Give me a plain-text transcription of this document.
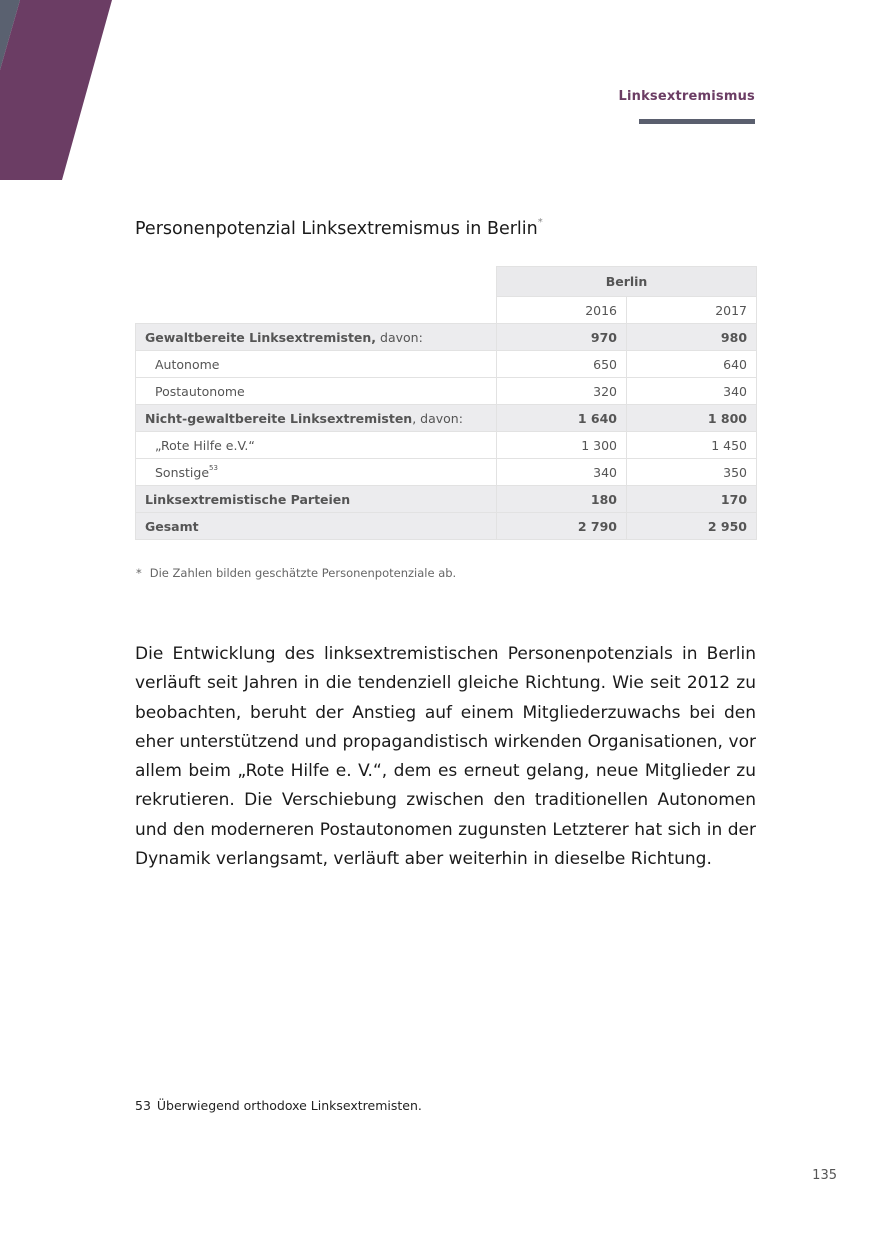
Linksextremismus
Personenpotenzial Linksextremismus in Berlin*
	Berlin	
	2016	2017
Gewaltbereite Linksextremisten, davon:	970	980
Autonome	650	640
Postautonome	320	340
Nicht-gewaltbereite Linksextremisten, davon:	1 640	1 800
„Rote Hilfe e.V.“	1 300	1 450
Sonstige$^{53}$	340	350
Linksextremistische Parteien	180	170
Gesamt	2 790	2 950
* Die Zahlen bilden geschätzte Personenpotenziale ab.

Die Entwicklung des linksextremistischen Personenpotenzials in Berlin verläuft seit Jahren in die tendenziell gleiche Richtung. Wie seit 2012 zu beobachten, beruht der Anstieg auf einem Mitgliederzuwachs bei den eher unterstützend und propagandistisch wirkenden Organisationen, vor allem beim „Rote Hilfe e. V.“, dem es erneut gelang, neue Mitglieder zu rekrutieren. Die Verschiebung zwischen den traditionellen Autonomen und den moderneren Postautonomen zugunsten Letzterer hat sich in der Dynamik verlangsamt, verläuft aber weiterhin in dieselbe Richtung.

53 Überwiegend orthodoxe Linksextremisten.
135
